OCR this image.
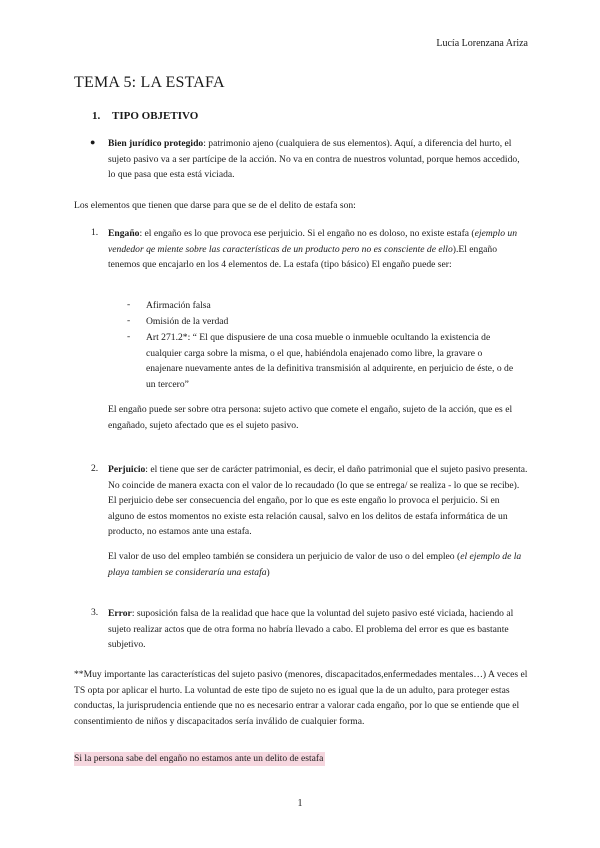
Lucía Lorenzana Ariza
TEMA 5: LA ESTAFA
1. TIPO OBJETIVO
● Bien jurídico protegido: patrimonio ajeno (cualquiera de sus elementos). Aquí, a diferencia del hurto, el sujeto pasivo va a ser partícipe de la acción. No va en contra de nuestros voluntad, porque hemos accedido, lo que pasa que esta está viciada.
Los elementos que tienen que darse para que se de el delito de estafa son:
1. Engaño: el engaño es lo que provoca ese perjuicio. Si el engaño no es doloso, no existe estafa (ejemplo un vendedor qe miente sobre las características de un producto pero no es consciente de ello).El engaño tenemos que encajarlo en los 4 elementos de. La estafa (tipo básico) El engaño puede ser:
- Afirmación falsa
- Omisión de la verdad
- Art 271.2*: “ El que dispusiere de una cosa mueble o inmueble ocultando la existencia de cualquier carga sobre la misma, o el que, habiéndola enajenado como libre, la gravare o enajenare nuevamente antes de la definitiva transmisión al adquirente, en perjuicio de éste, o de un tercero”
El engaño puede ser sobre otra persona: sujeto activo que comete el engaño, sujeto de la acción, que es el engañado, sujeto afectado que es el sujeto pasivo.
2. Perjuicio: el tiene que ser de carácter patrimonial, es decir, el daño patrimonial que el sujeto pasivo presenta. No coincide de manera exacta con el valor de lo recaudado (lo que se entrega/ se realiza - lo que se recibe). El perjuicio debe ser consecuencia del engaño, por lo que es este engaño lo provoca el perjuicio. Si en alguno de estos momentos no existe esta relación causal, salvo en los delitos de estafa informática de un producto, no estamos ante una estafa.
El valor de uso del empleo también se considera un perjuicio de valor de uso o del empleo (el ejemplo de la playa tambien se consideraría una estafa)
3. Error: suposición falsa de la realidad que hace que la voluntad del sujeto pasivo esté viciada, haciendo al sujeto realizar actos que de otra forma no habría llevado a cabo. El problema del error es que es bastante subjetivo.
**Muy importante las características del sujeto pasivo (menores, discapacitados,enfermedades mentales…) A veces el TS opta por aplicar el hurto. La voluntad de este tipo de sujeto no es igual que la de un adulto, para proteger estas conductas, la jurisprudencia entiende que no es necesario entrar a valorar cada engaño, por lo que se entiende que el consentimiento de niños y discapacitados sería inválido de cualquier forma.
Si la persona sabe del engaño no estamos ante un delito de estafa
1
